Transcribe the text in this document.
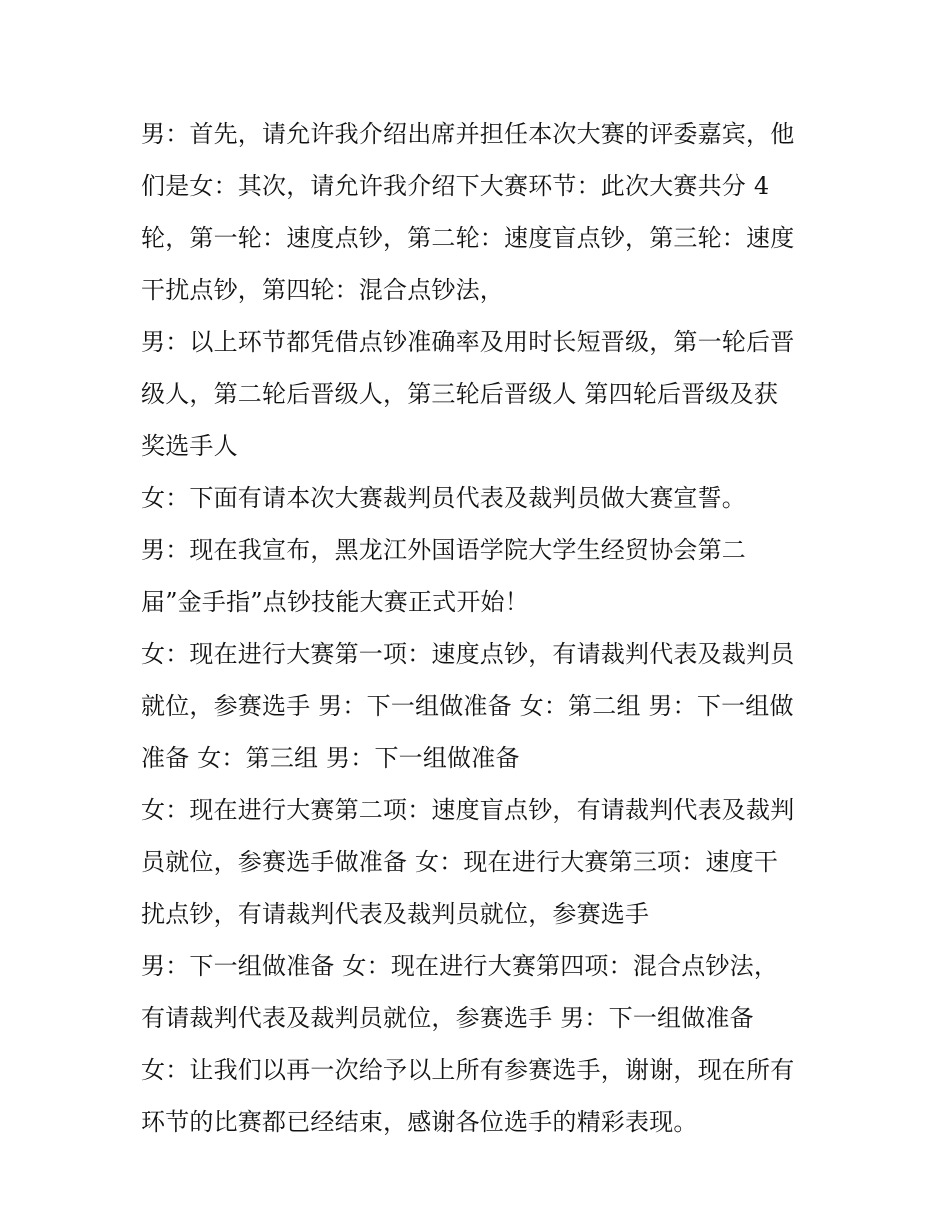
男：首先，请允许我介绍出席并担任本次大赛的评委嘉宾，他
们是女：其次，请允许我介绍下大赛环节：此次大赛共分 4
轮，第一轮：速度点钞，第二轮：速度盲点钞，第三轮：速度
干扰点钞，第四轮：混合点钞法，
男：以上环节都凭借点钞准确率及用时长短晋级，第一轮后晋
级人，第二轮后晋级人，第三轮后晋级人 第四轮后晋级及获
奖选手人
女：下面有请本次大赛裁判员代表及裁判员做大赛宣誓。
男：现在我宣布，黑龙江外国语学院大学生经贸协会第二
届”金手指”点钞技能大赛正式开始！
女：现在进行大赛第一项：速度点钞，有请裁判代表及裁判员
就位，参赛选手 男：下一组做准备 女：第二组 男：下一组做
准备 女：第三组 男：下一组做准备
女：现在进行大赛第二项：速度盲点钞，有请裁判代表及裁判
员就位，参赛选手做准备 女：现在进行大赛第三项：速度干
扰点钞，有请裁判代表及裁判员就位，参赛选手
男：下一组做准备 女：现在进行大赛第四项：混合点钞法，
有请裁判代表及裁判员就位，参赛选手 男：下一组做准备
女：让我们以再一次给予以上所有参赛选手，谢谢，现在所有
环节的比赛都已经结束，感谢各位选手的精彩表现。
